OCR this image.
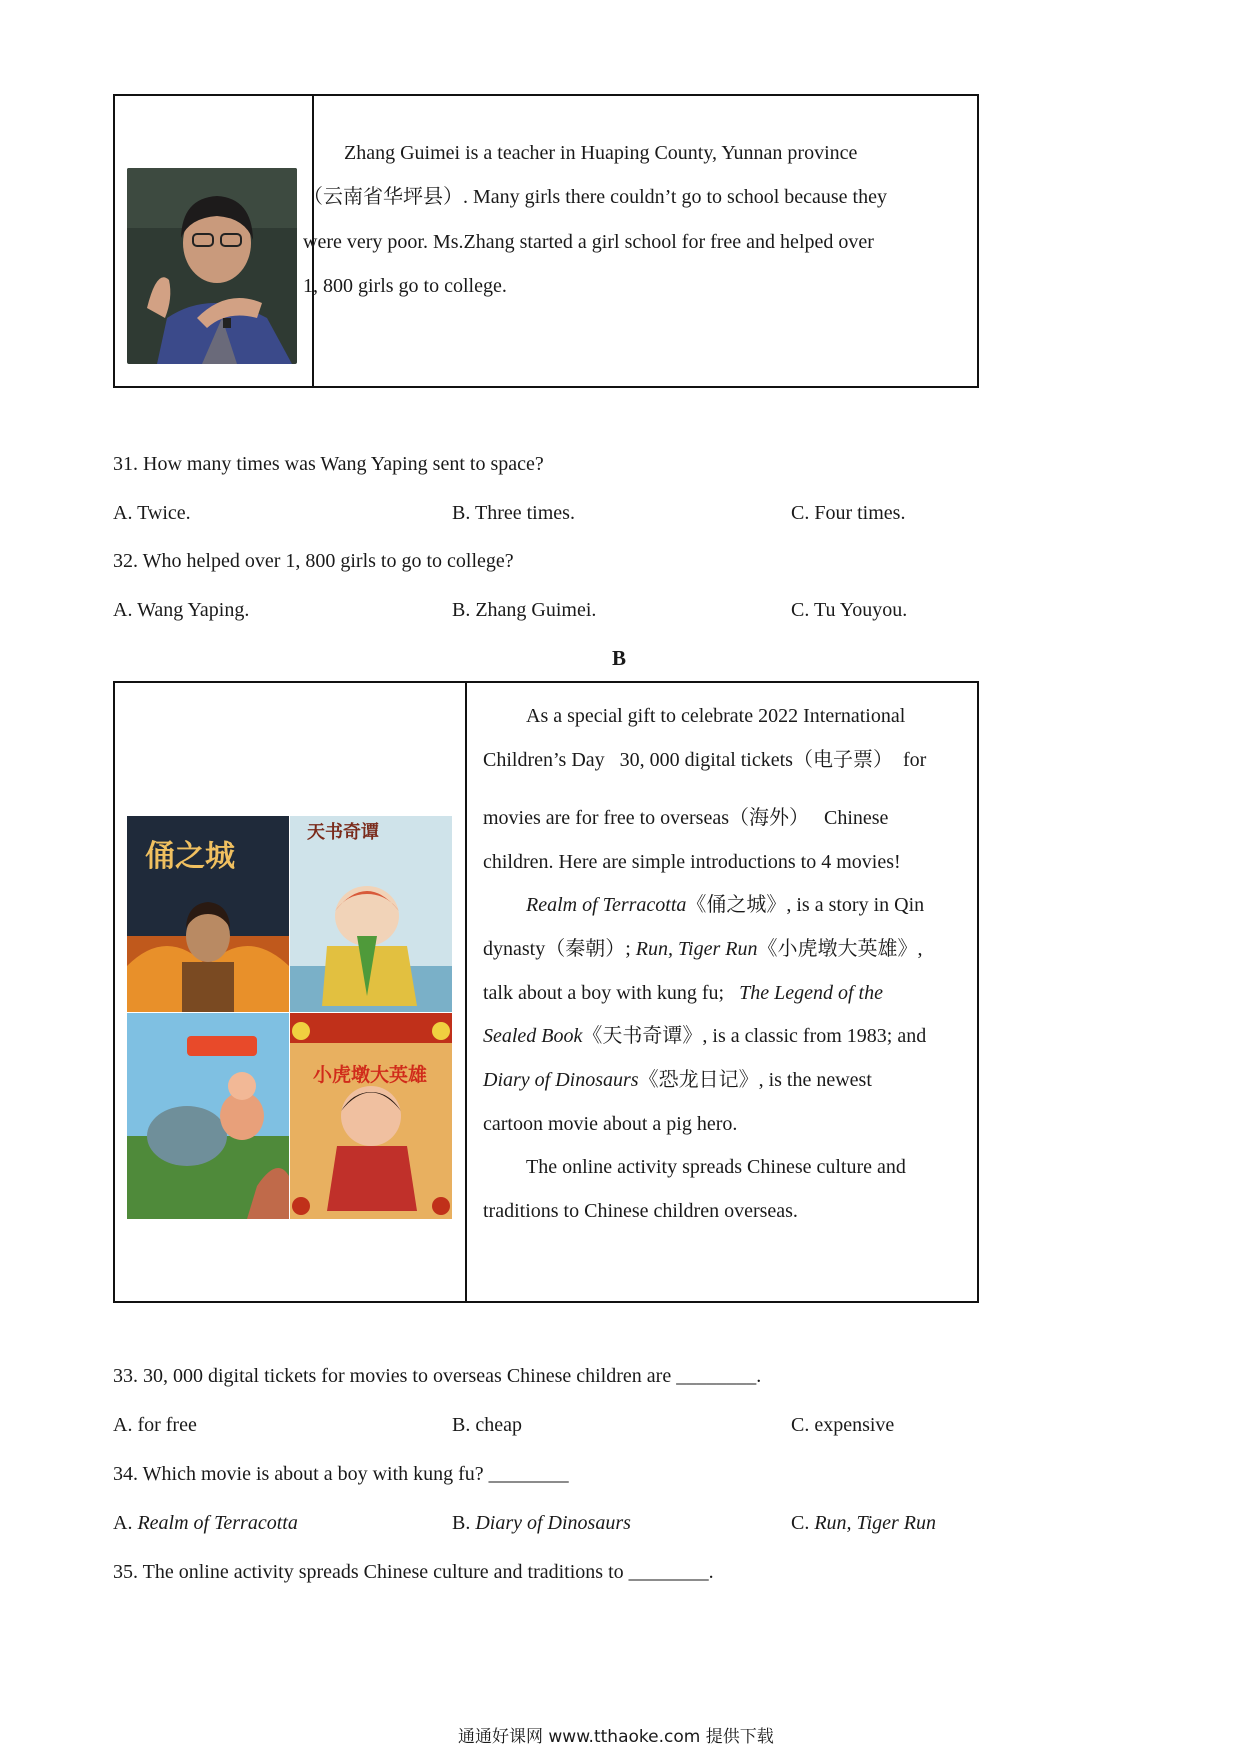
Zhang Guimei is a teacher in Huaping County, Yunnan province
（云南省华坪县）. Many girls there couldn’t go to school because they
were very poor. Ms.Zhang started a girl school for free and helped over
1, 800 girls go to college.
31. How many times was Wang Yaping sent to space?
A. Twice.	B. Three times.	C. Four times.
32. Who helped over 1, 800 girls to go to college?
A. Wang Yaping.	B. Zhang Guimei.	C. Tu Youyou.
B
俑之城
天书奇谭
小虎墩大英雄
As a special gift to celebrate 2022 International
Children’s Day   30, 000 digital tickets（电子票）  for
movies are for free to overseas（海外）   Chinese
children. Here are simple introductions to 4 movies!
Realm of Terracotta《俑之城》, is a story in Qin
dynasty（秦朝）; Run, Tiger Run《小虎墩大英雄》,
talk about a boy with kung fu;   The Legend of the
Sealed Book《天书奇谭》, is a classic from 1983; and
Diary of Dinosaurs《恐龙日记》, is the newest
cartoon movie about a pig hero.
The online activity spreads Chinese culture and
traditions to Chinese children overseas.
33. 30, 000 digital tickets for movies to overseas Chinese children are ________.
A. for free	B. cheap	C. expensive
34. Which movie is about a boy with kung fu? ________
A. Realm of Terracotta	B. Diary of Dinosaurs	C. Run, Tiger Run
35. The online activity spreads Chinese culture and traditions to ________.
通通好课网 www.tthaoke.com 提供下载
